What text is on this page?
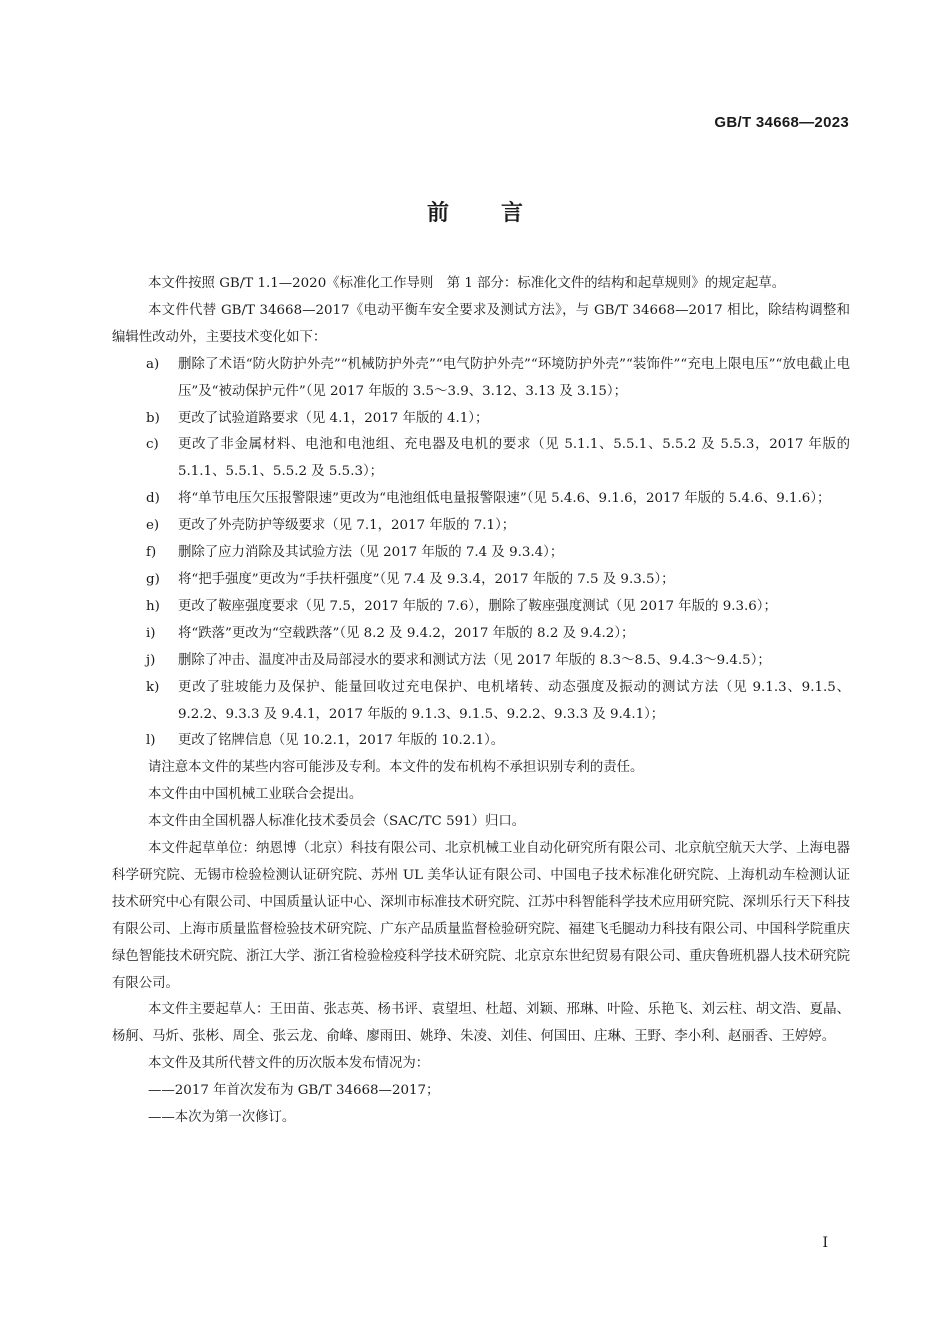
GB/T 34668—2023

前言

本文件按照 GB/T 1.1—2020《标准化工作导则　第 1 部分：标准化文件的结构和起草规则》的规定起草。

本文件代替 GB/T 34668—2017《电动平衡车安全要求及测试方法》，与 GB/T 34668—2017 相比，除结构调整和编辑性改动外，主要技术变化如下：

a)	删除了术语“防火防护外壳”“机械防护外壳”“电气防护外壳”“环境防护外壳”“装饰件”“充电上限电压”“放电截止电压”及“被动保护元件”（见 2017 年版的 3.5～3.9、3.12、3.13 及 3.15）；
b)	更改了试验道路要求（见 4.1，2017 年版的 4.1）；
c)	更改了非金属材料、电池和电池组、充电器及电机的要求（见 5.1.1、5.5.1、5.5.2 及 5.5.3，2017 年版的 5.1.1、5.5.1、5.5.2 及 5.5.3）；
d)	将“单节电压欠压报警限速”更改为“电池组低电量报警限速”（见 5.4.6、9.1.6，2017 年版的 5.4.6、9.1.6）；
e)	更改了外壳防护等级要求（见 7.1，2017 年版的 7.1）；
f)	删除了应力消除及其试验方法（见 2017 年版的 7.4 及 9.3.4）；
g)	将“把手强度”更改为“手扶杆强度”（见 7.4 及 9.3.4，2017 年版的 7.5 及 9.3.5）；
h)	更改了鞍座强度要求（见 7.5，2017 年版的 7.6），删除了鞍座强度测试（见 2017 年版的 9.3.6）；
i)	将“跌落”更改为“空载跌落”（见 8.2 及 9.4.2，2017 年版的 8.2 及 9.4.2）；
j)	删除了冲击、温度冲击及局部浸水的要求和测试方法（见 2017 年版的 8.3～8.5、9.4.3～9.4.5）；
k)	更改了驻坡能力及保护、能量回收过充电保护、电机堵转、动态强度及振动的测试方法（见 9.1.3、9.1.5、9.2.2、9.3.3 及 9.4.1，2017 年版的 9.1.3、9.1.5、9.2.2、9.3.3 及 9.4.1）；
l)	更改了铭牌信息（见 10.2.1，2017 年版的 10.2.1）。

请注意本文件的某些内容可能涉及专利。本文件的发布机构不承担识别专利的责任。

本文件由中国机械工业联合会提出。

本文件由全国机器人标准化技术委员会（SAC/TC 591）归口。

本文件起草单位：纳恩博（北京）科技有限公司、北京机械工业自动化研究所有限公司、北京航空航天大学、上海电器科学研究院、无锡市检验检测认证研究院、苏州 UL 美华认证有限公司、中国电子技术标准化研究院、上海机动车检测认证技术研究中心有限公司、中国质量认证中心、深圳市标准技术研究院、江苏中科智能科学技术应用研究院、深圳乐行天下科技有限公司、上海市质量监督检验技术研究院、广东产品质量监督检验研究院、福建飞毛腿动力科技有限公司、中国科学院重庆绿色智能技术研究院、浙江大学、浙江省检验检疫科学技术研究院、北京京东世纪贸易有限公司、重庆鲁班机器人技术研究院有限公司。

本文件主要起草人：王田苗、张志英、杨书评、袁望坦、杜超、刘颖、邢琳、叶险、乐艳飞、刘云柱、胡文浩、夏晶、杨舸、马炘、张彬、周全、张云龙、俞峰、廖雨田、姚琤、朱凌、刘佳、何国田、庄琳、王野、李小利、赵丽香、王婷婷。

本文件及其所代替文件的历次版本发布情况为：

——2017 年首次发布为 GB/T 34668—2017；

——本次为第一次修订。

I
